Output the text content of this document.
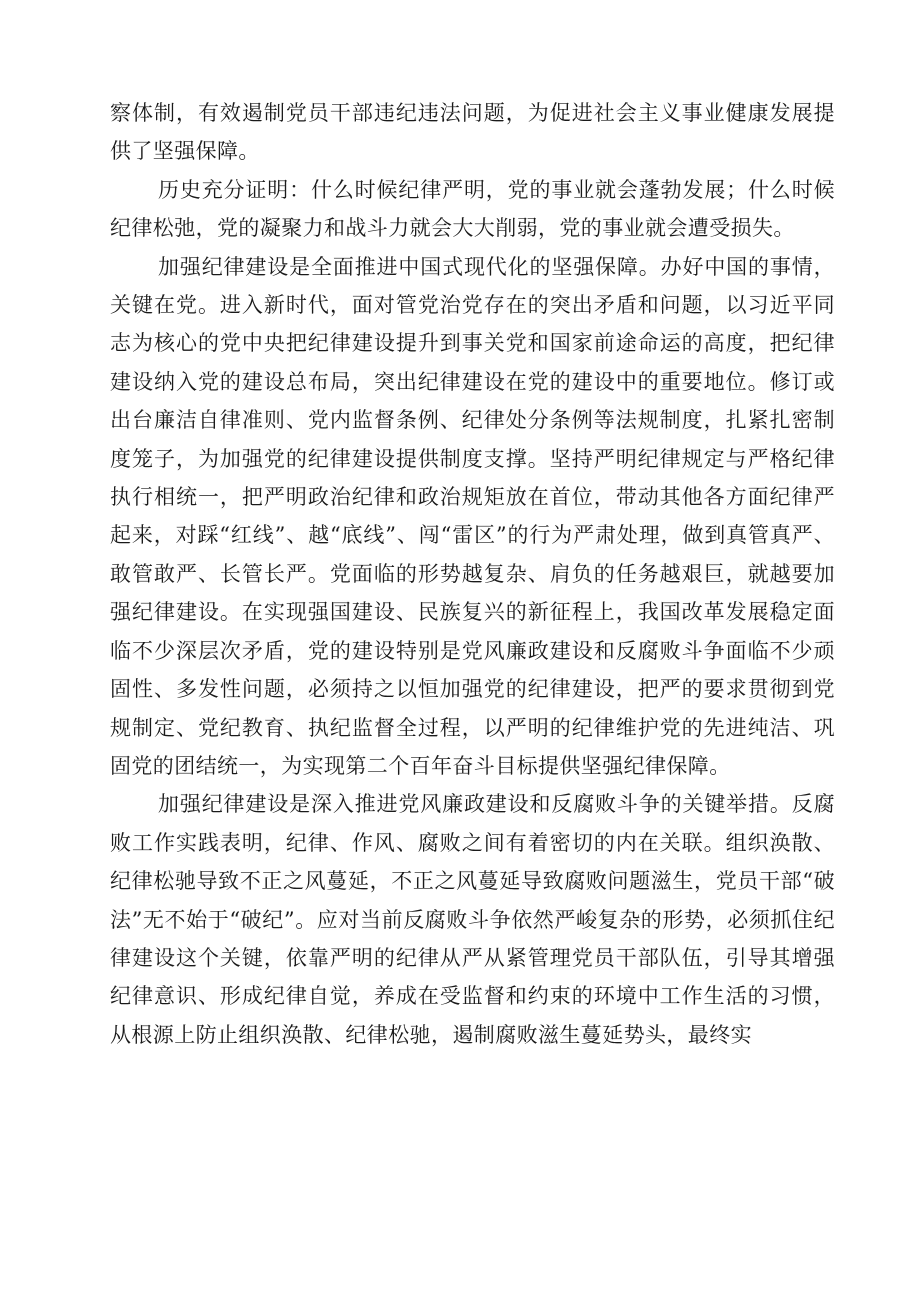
察体制，有效遏制党员干部违纪违法问题，为促进社会主义事业健康发展提供了坚强保障。

历史充分证明：什么时候纪律严明，党的事业就会蓬勃发展；什么时候纪律松弛，党的凝聚力和战斗力就会大大削弱，党的事业就会遭受损失。

加强纪律建设是全面推进中国式现代化的坚强保障。办好中国的事情，关键在党。进入新时代，面对管党治党存在的突出矛盾和问题，以习近平同志为核心的党中央把纪律建设提升到事关党和国家前途命运的高度，把纪律建设纳入党的建设总布局，突出纪律建设在党的建设中的重要地位。修订或出台廉洁自律准则、党内监督条例、纪律处分条例等法规制度，扎紧扎密制度笼子，为加强党的纪律建设提供制度支撑。坚持严明纪律规定与严格纪律执行相统一，把严明政治纪律和政治规矩放在首位，带动其他各方面纪律严起来，对踩“红线”、越“底线”、闯“雷区”的行为严肃处理，做到真管真严、敢管敢严、长管长严。党面临的形势越复杂、肩负的任务越艰巨，就越要加强纪律建设。在实现强国建设、民族复兴的新征程上，我国改革发展稳定面临不少深层次矛盾，党的建设特别是党风廉政建设和反腐败斗争面临不少顽固性、多发性问题，必须持之以恒加强党的纪律建设，把严的要求贯彻到党规制定、党纪教育、执纪监督全过程，以严明的纪律维护党的先进纯洁、巩固党的团结统一，为实现第二个百年奋斗目标提供坚强纪律保障。

加强纪律建设是深入推进党风廉政建设和反腐败斗争的关键举措。反腐败工作实践表明，纪律、作风、腐败之间有着密切的内在关联。组织涣散、纪律松驰导致不正之风蔓延，不正之风蔓延导致腐败问题滋生，党员干部“破法”无不始于“破纪”。应对当前反腐败斗争依然严峻复杂的形势，必须抓住纪律建设这个关键，依靠严明的纪律从严从紧管理党员干部队伍，引导其增强纪律意识、形成纪律自觉，养成在受监督和约束的环境中工作生活的习惯，从根源上防止组织涣散、纪律松驰，遏制腐败滋生蔓延势头，最终实
